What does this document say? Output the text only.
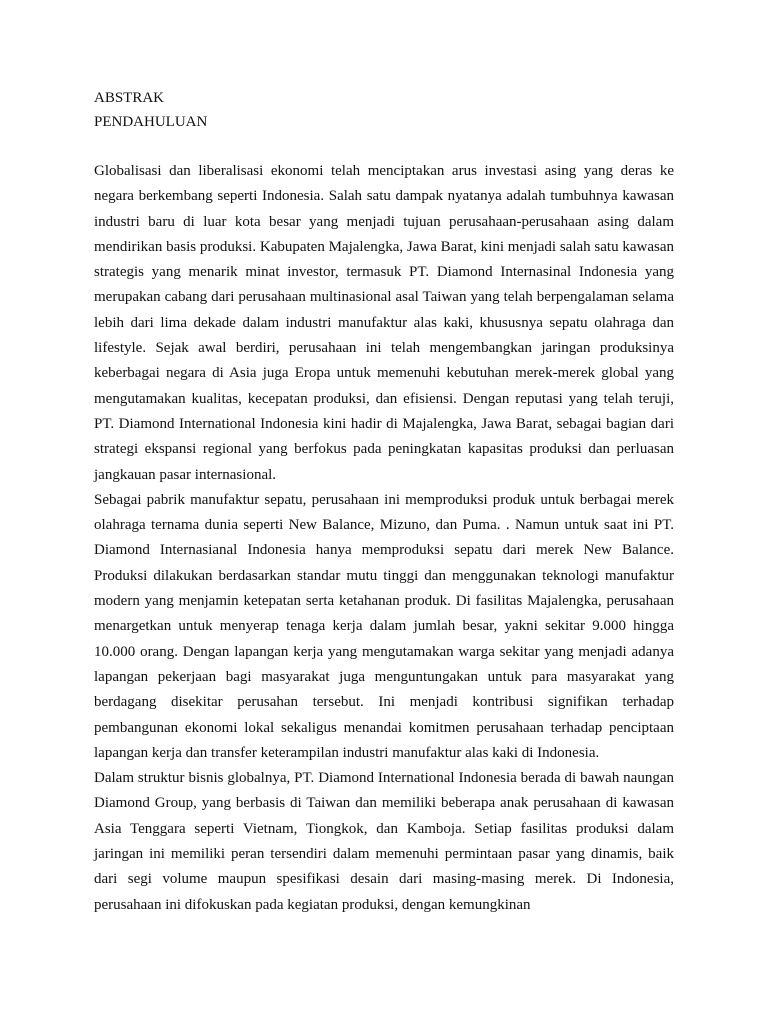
ABSTRAK
PENDAHULUAN

Globalisasi dan liberalisasi ekonomi telah menciptakan arus investasi asing yang deras ke negara berkembang seperti Indonesia. Salah satu dampak nyatanya adalah tumbuhnya kawasan industri baru di luar kota besar yang menjadi tujuan perusahaan-perusahaan asing dalam mendirikan basis produksi. Kabupaten Majalengka, Jawa Barat, kini menjadi salah satu kawasan strategis yang menarik minat investor, termasuk PT. Diamond Internasinal Indonesia yang merupakan cabang dari perusahaan multinasional asal Taiwan yang telah berpengalaman selama lebih dari lima dekade dalam industri manufaktur alas kaki, khususnya sepatu olahraga dan lifestyle. Sejak awal berdiri, perusahaan ini telah mengembangkan jaringan produksinya keberbagai negara di Asia juga Eropa untuk memenuhi kebutuhan merek-merek global yang mengutamakan kualitas, kecepatan produksi, dan efisiensi. Dengan reputasi yang telah teruji, PT. Diamond International Indonesia kini hadir di Majalengka, Jawa Barat, sebagai bagian dari strategi ekspansi regional yang berfokus pada peningkatan kapasitas produksi dan perluasan jangkauan pasar internasional.

Sebagai pabrik manufaktur sepatu, perusahaan ini memproduksi produk untuk berbagai merek olahraga ternama dunia seperti New Balance, Mizuno, dan Puma. . Namun untuk saat ini PT. Diamond Internasianal Indonesia hanya memproduksi sepatu dari merek New Balance. Produksi dilakukan berdasarkan standar mutu tinggi dan menggunakan teknologi manufaktur modern yang menjamin ketepatan serta ketahanan produk. Di fasilitas Majalengka, perusahaan menargetkan untuk menyerap tenaga kerja dalam jumlah besar, yakni sekitar 9.000 hingga 10.000 orang. Dengan lapangan kerja yang mengutamakan warga sekitar yang menjadi adanya lapangan pekerjaan bagi masyarakat juga menguntungakan untuk para masyarakat yang berdagang disekitar perusahan tersebut. Ini menjadi kontribusi signifikan terhadap pembangunan ekonomi lokal sekaligus menandai komitmen perusahaan terhadap penciptaan lapangan kerja dan transfer keterampilan industri manufaktur alas kaki di Indonesia.

Dalam struktur bisnis globalnya, PT. Diamond International Indonesia berada di bawah naungan Diamond Group, yang berbasis di Taiwan dan memiliki beberapa anak perusahaan di kawasan Asia Tenggara seperti Vietnam, Tiongkok, dan Kamboja. Setiap fasilitas produksi dalam jaringan ini memiliki peran tersendiri dalam memenuhi permintaan pasar yang dinamis, baik dari segi volume maupun spesifikasi desain dari masing-masing merek. Di Indonesia, perusahaan ini difokuskan pada kegiatan produksi, dengan kemungkinan
